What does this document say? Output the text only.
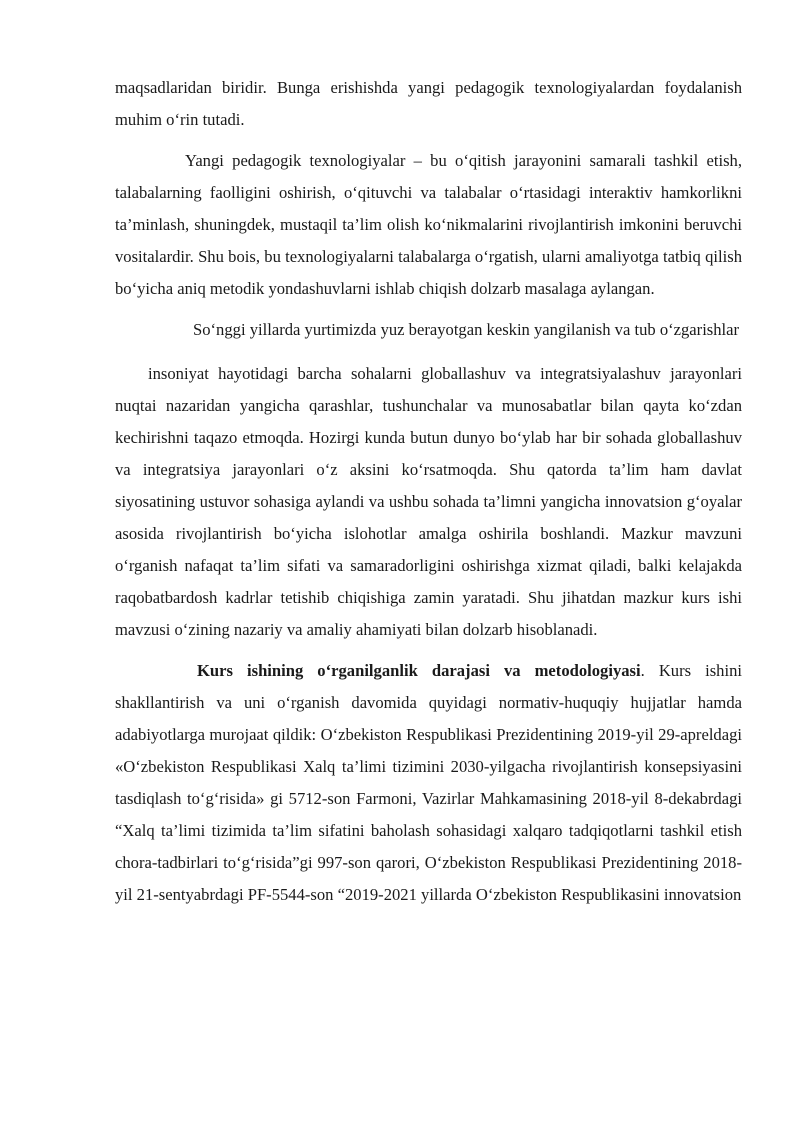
maqsadlaridan biridir. Bunga erishishda yangi pedagogik texnologiyalardan foydalanish muhim o‘rin tutadi.

Yangi pedagogik texnologiyalar – bu o‘qitish jarayonini samarali tashkil etish, talabalarning faolligini oshirish, o‘qituvchi va talabalar o‘rtasidagi interaktiv hamkorlikni ta’minlash, shuningdek, mustaqil ta’lim olish ko‘nikmalarini rivojlantirish imkonini beruvchi vositalardir. Shu bois, bu texnologiyalarni talabalarga o‘rgatish, ularni amaliyotga tatbiq qilish bo‘yicha aniq metodik yondashuvlarni ishlab chiqish dolzarb masalaga aylangan.

So‘nggi yillarda yurtimizda yuz berayotgan keskin yangilanish va tub o‘zgarishlar

insoniyat hayotidagi barcha sohalarni globallashuv va integratsiyalashuv jarayonlari nuqtai nazaridan yangicha qarashlar, tushunchalar va munosabatlar bilan qayta ko‘zdan kechirishni taqazo etmoqda. Hozirgi kunda butun dunyo bo‘ylab har bir sohada globallashuv va integratsiya jarayonlari o‘z aksini ko‘rsatmoqda. Shu qatorda ta’lim ham davlat siyosatining ustuvor sohasiga aylandi va ushbu sohada ta’limni yangicha innovatsion g‘oyalar asosida rivojlantirish bo‘yicha islohotlar amalga oshirila boshlandi. Mazkur mavzuni o‘rganish nafaqat ta’lim sifati va samaradorligini oshirishga xizmat qiladi, balki kelajakda raqobatbardosh kadrlar tetishib chiqishiga zamin yaratadi. Shu jihatdan mazkur kurs ishi mavzusi o‘zining nazariy va amaliy ahamiyati bilan dolzarb hisoblanadi.

Kurs ishining o‘rganilganlik darajasi va metodologiyasi. Kurs ishini shakllantirish va uni o‘rganish davomida quyidagi normativ-huquqiy hujjatlar hamda adabiyotlarga murojaat qildik: O‘zbekiston Respublikasi Prezidentining 2019-yil 29-apreldagi «O‘zbekiston Respublikasi Xalq ta’limi tizimini 2030-yilgacha rivojlantirish konsepsiyasini tasdiqlash to‘g‘risida» gi 5712-son Farmoni, Vazirlar Mahkamasining 2018-yil 8-dekabrdagi “Xalq ta’limi tizimida ta’lim sifatini baholash sohasidagi xalqaro tadqiqotlarni tashkil etish chora-tadbirlari to‘g‘risida”gi 997-son qarori, O‘zbekiston Respublikasi Prezidentining 2018-yil 21-sentyabrdagi PF-5544-son “2019-2021 yillarda O‘zbekiston Respublikasini innovatsion
